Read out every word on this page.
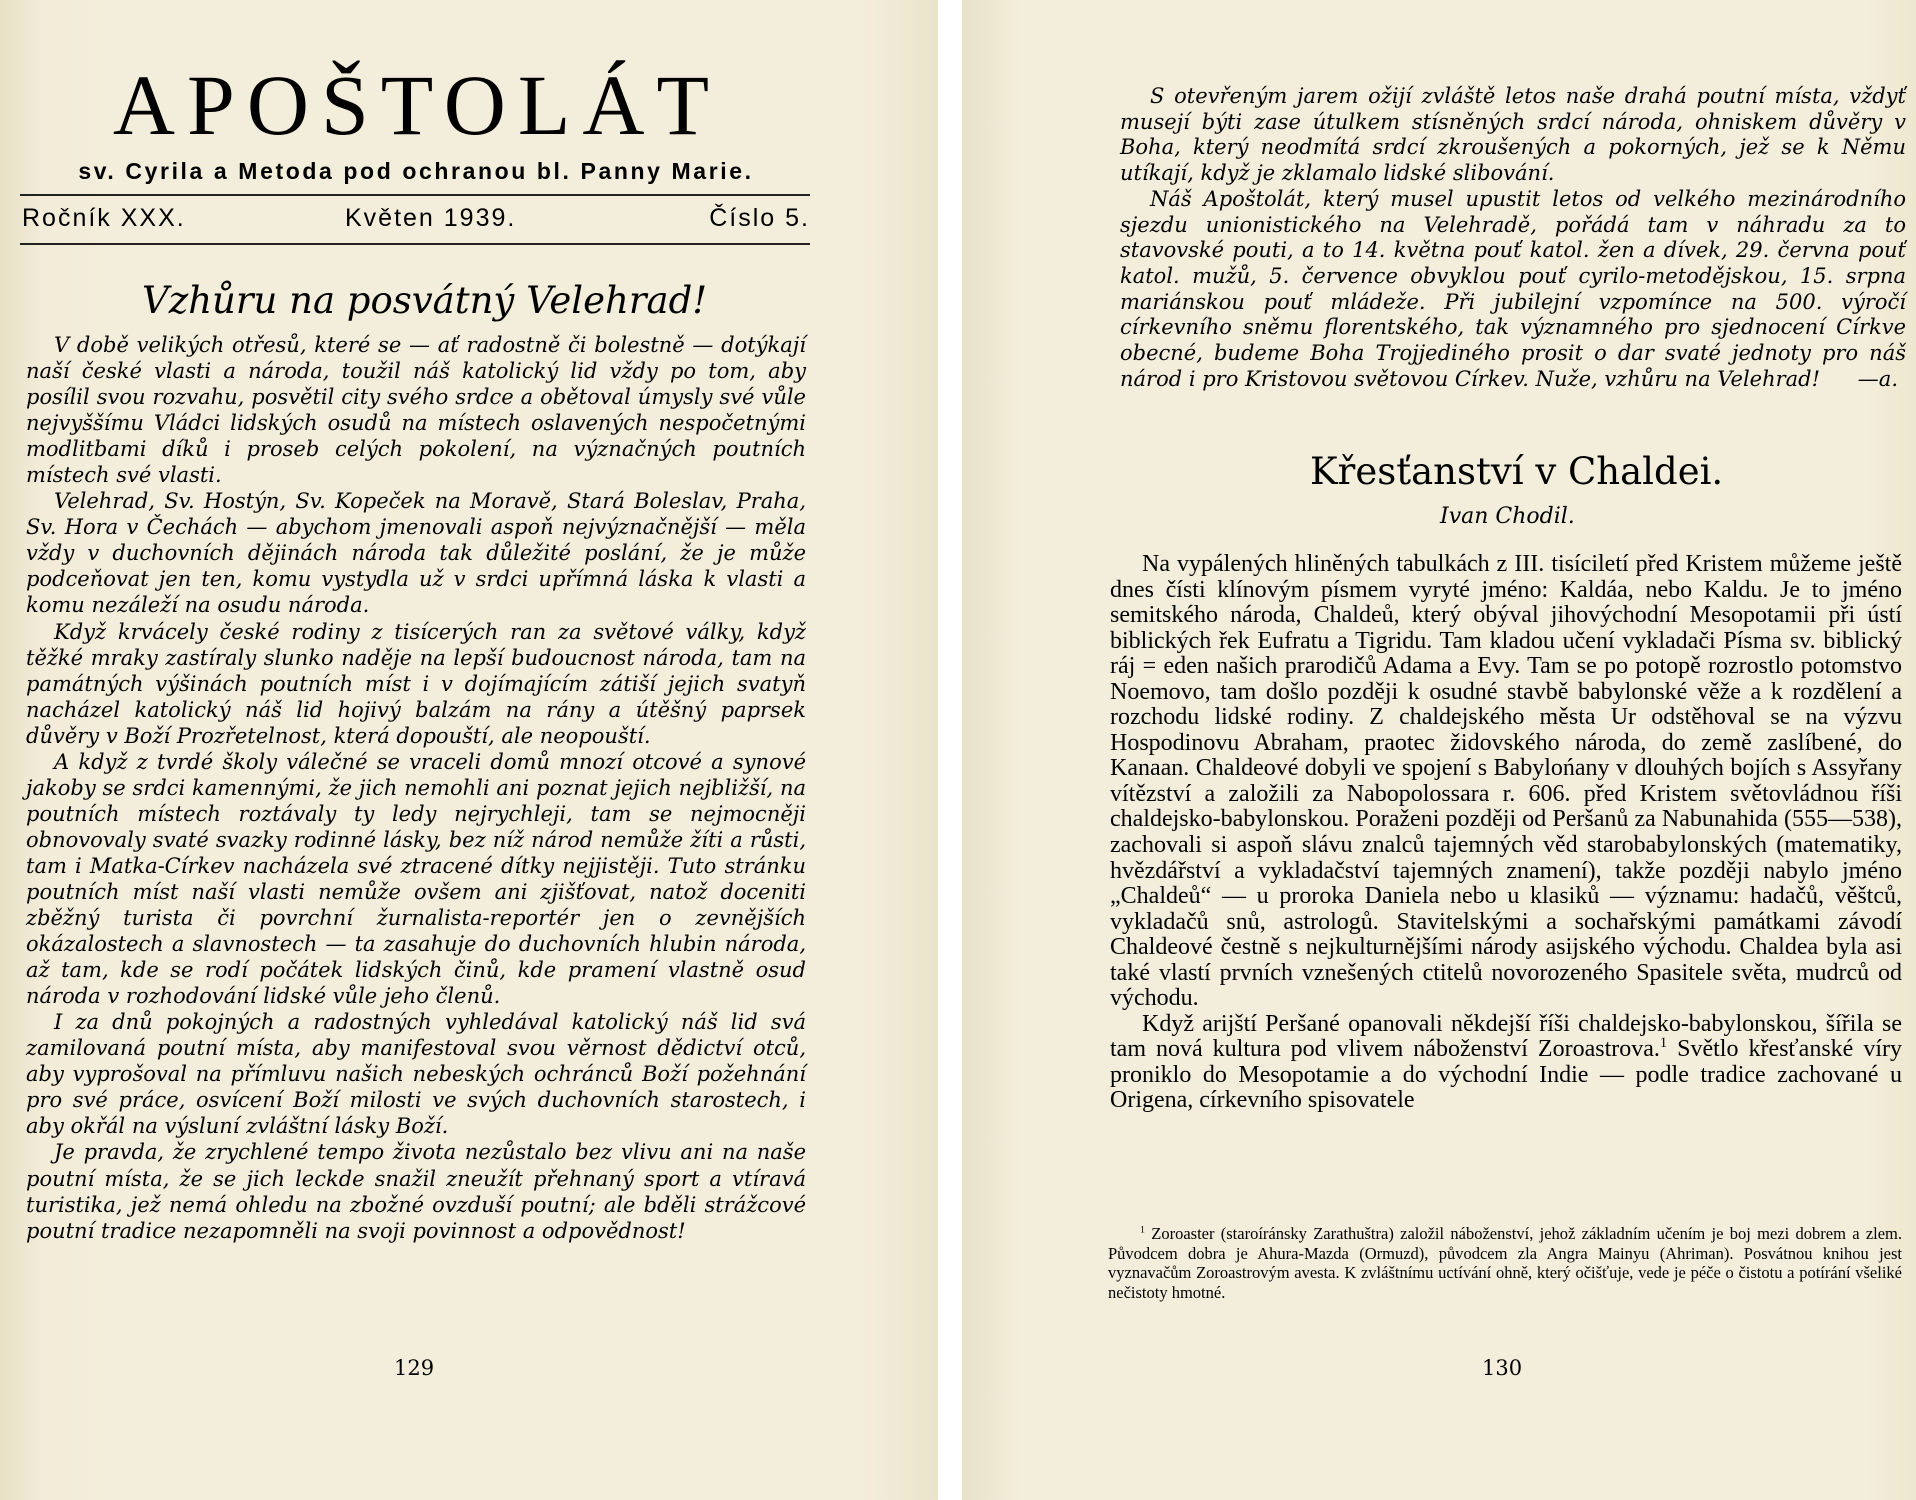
APOŠTOLÁT
sv. Cyrila a Metoda pod ochranou bl. Panny Marie.
Ročník XXX.	Květen 1939.	Číslo 5.
Vzhůru na posvátný Velehrad!

V době velikých otřesů, které se — ať radostně či bolestně — dotýkají naší české vlasti a národa, toužil náš katolický lid vždy po tom, aby posílil svou rozvahu, posvětil city svého srdce a obětoval úmysly své vůle nejvyššímu Vládci lidských osudů na místech oslavených nespočetnými modlitbami díků i proseb celých pokolení, na význačných poutních místech své vlasti.

Velehrad, Sv. Hostýn, Sv. Kopeček na Moravě, Stará Boleslav, Praha, Sv. Hora v Čechách — abychom jmenovali aspoň nejvýznačnější — měla vždy v duchovních dějinách národa tak důležité poslání, že je může podceňovat jen ten, komu vystydla už v srdci upřímná láska k vlasti a komu nezáleží na osudu národa.

Když krvácely české rodiny z tisícerých ran za světové války, když těžké mraky zastíraly slunko naděje na lepší budoucnost národa, tam na památných výšinách poutních míst i v dojímajícím zátiší jejich svatyň nacházel katolický náš lid hojivý balzám na rány a útěšný paprsek důvěry v Boží Prozřetelnost, která dopouští, ale neopouští.

A když z tvrdé školy válečné se vraceli domů mnozí otcové a synové jakoby se srdci kamennými, že jich nemohli ani poznat jejich nejbližší, na poutních místech roztávaly ty ledy nejrychleji, tam se nejmocněji obnovovaly svaté svazky rodinné lásky, bez níž národ nemůže žíti a růsti, tam i Matka-Církev nacházela své ztracené dítky nejjistěji. Tuto stránku poutních míst naší vlasti nemůže ovšem ani zjišťovat, natož doceniti zběžný turista či povrchní žurnalista-reportér jen o zevnějších okázalostech a slavnostech — ta zasahuje do duchovních hlubin národa, až tam, kde se rodí počátek lidských činů, kde pramení vlastně osud národa v rozhodování lidské vůle jeho členů.

I za dnů pokojných a radostných vyhledával katolický náš lid svá zamilovaná poutní místa, aby manifestoval svou věrnost dědictví otců, aby vyprošoval na přímluvu našich nebeských ochránců Boží požehnání pro své práce, osvícení Boží milosti ve svých duchovních starostech, i aby okřál na výsluní zvláštní lásky Boží.

Je pravda, že zrychlené tempo života nezůstalo bez vlivu ani na naše poutní místa, že se jich leckde snažil zneužít přehnaný sport a vtíravá turistika, jež nemá ohledu na zbožné ovzduší poutní; ale bděli strážcové poutní tradice nezapomněli na svoji povinnost a odpovědnost!

129

S otevřeným jarem ožijí zvláště letos naše drahá poutní místa, vždyť musejí býti zase útulkem stísněných srdcí národa, ohniskem důvěry v Boha, který neodmítá srdcí zkroušených a pokorných, jež se k Němu utíkají, když je zklamalo lidské slibování.

Náš Apoštolát, který musel upustit letos od velkého mezinárodního sjezdu unionistického na Velehradě, pořádá tam v náhradu za to stavovské pouti, a to 14. května pouť katol. žen a dívek, 29. června pouť katol. mužů, 5. července obvyklou pouť cyrilo-metodějskou, 15. srpna mariánskou pouť mládeže. Při jubilejní vzpomínce na 500. výročí církevního sněmu florentského, tak významného pro sjednocení Církve obecné, budeme Boha Trojjediného prosit o dar svaté jednoty pro náš národ i pro Kristovou světovou Církev. Nuže, vzhůru na Velehrad!	—a.
Křesťanství v Chaldei.
Ivan Chodil.

Na vypálených hliněných tabulkách z III. tisíciletí před Kristem můžeme ještě dnes čísti klínovým písmem vyryté jméno: Kaldáa, nebo Kaldu. Je to jméno semitského národa, Chaldeů, který obýval jihovýchodní Mesopotamii při ústí biblických řek Eufratu a Tigridu. Tam kladou učení vykladači Písma sv. biblický ráj = eden našich prarodičů Adama a Evy. Tam se po potopě rozrostlo potomstvo Noemovo, tam došlo později k osudné stavbě babylonské věže a k rozdělení a rozchodu lidské rodiny. Z chaldejského města Ur odstěhoval se na výzvu Hospodinovu Abraham, praotec židovského národa, do země zaslíbené, do Kanaan. Chaldeové dobyli ve spojení s Babylońany v dlouhých bojích s Assyřany vítězství a založili za Nabopolossara r. 606. před Kristem světovládnou říši chaldejsko-babylonskou. Poraženi později od Peršanů za Nabunahida (555—538), zachovali si aspoň slávu znalců tajemných věd starobabylonských (matematiky, hvězdářství a vykladačství tajemných znamení), takže později nabylo jméno „Chaldeů“ — u proroka Daniela nebo u klasiků — významu: hadačů, věštců, vykladačů snů, astrologů. Stavitelskými a sochařskými památkami závodí Chaldeové čestně s nejkulturnějšími národy asijského východu. Chaldea byla asi také vlastí prvních vznešených ctitelů novorozeného Spasitele světa, mudrců od východu.

Když arijští Peršané opanovali někdejší říši chaldejsko-babylonskou, šířila se tam nová kultura pod vlivem náboženství Zoroastrova.$^1$ Světlo křesťanské víry proniklo do Mesopotamie a do východní Indie — podle tradice zachované u Origena, církevního spisovatele

$^1$ Zoroaster (staroíránsky Zarathuštra) založil náboženství, jehož základním učením je boj mezi dobrem a zlem. Původcem dobra je Ahura-Mazda (Ormuzd), původcem zla Angra Mainyu (Ahriman). Posvátnou knihou jest vyznavačům Zoroastrovým avesta. K zvláštnímu uctívání ohně, který očišťuje, vede je péče o čistotu a potírání všeliké nečistoty hmotné.
130
